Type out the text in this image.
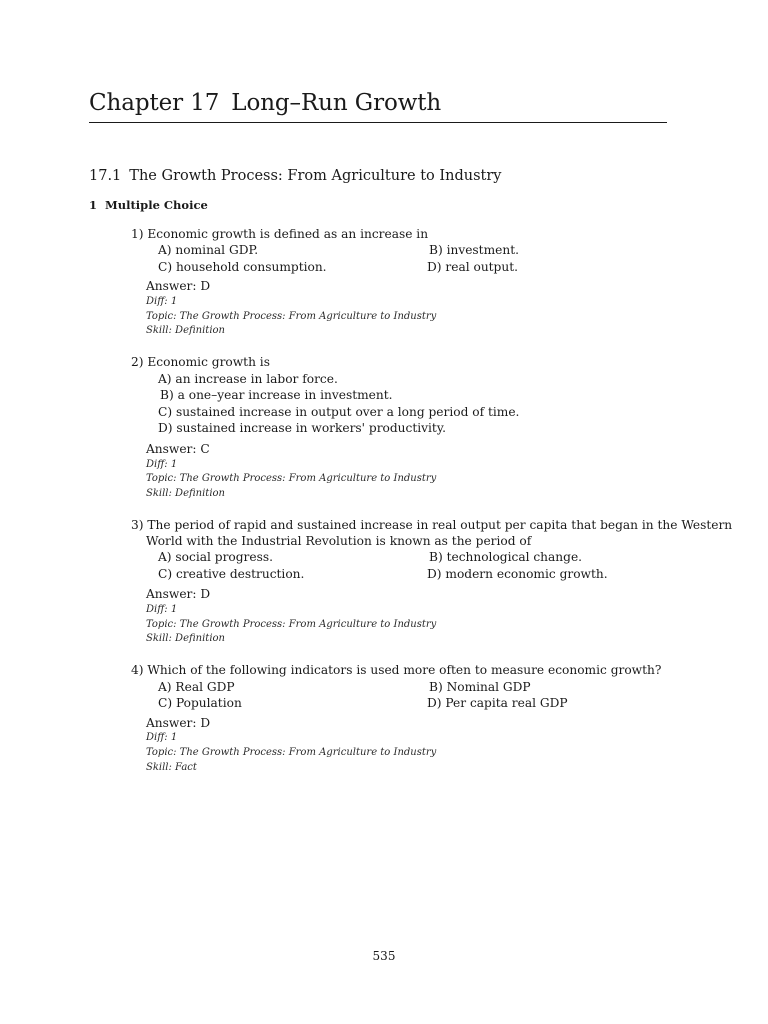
Chapter 17 Long–Run Growth
17.1 The Growth Process: From Agriculture to Industry
1 Multiple Choice
1) Economic growth is defined as an increase in
A) nominal GDP.	B) investment.
C) household consumption.	D) real output.
Answer: D
Diff: 1
Topic: The Growth Process: From Agriculture to Industry
Skill: Definition
2) Economic growth is
A) an increase in labor force.
B) a one–year increase in investment.
C) sustained increase in output over a long period of time.
D) sustained increase in workers' productivity.
Answer: C
Diff: 1
Topic: The Growth Process: From Agriculture to Industry
Skill: Definition
3) The period of rapid and sustained increase in real output per capita that began in the Western
World with the Industrial Revolution is known as the period of
A) social progress.	B) technological change.
C) creative destruction.	D) modern economic growth.
Answer: D
Diff: 1
Topic: The Growth Process: From Agriculture to Industry
Skill: Definition
4) Which of the following indicators is used more often to measure economic growth?
A) Real GDP	B) Nominal GDP
C) Population	D) Per capita real GDP
Answer: D
Diff: 1
Topic: The Growth Process: From Agriculture to Industry
Skill: Fact
535
